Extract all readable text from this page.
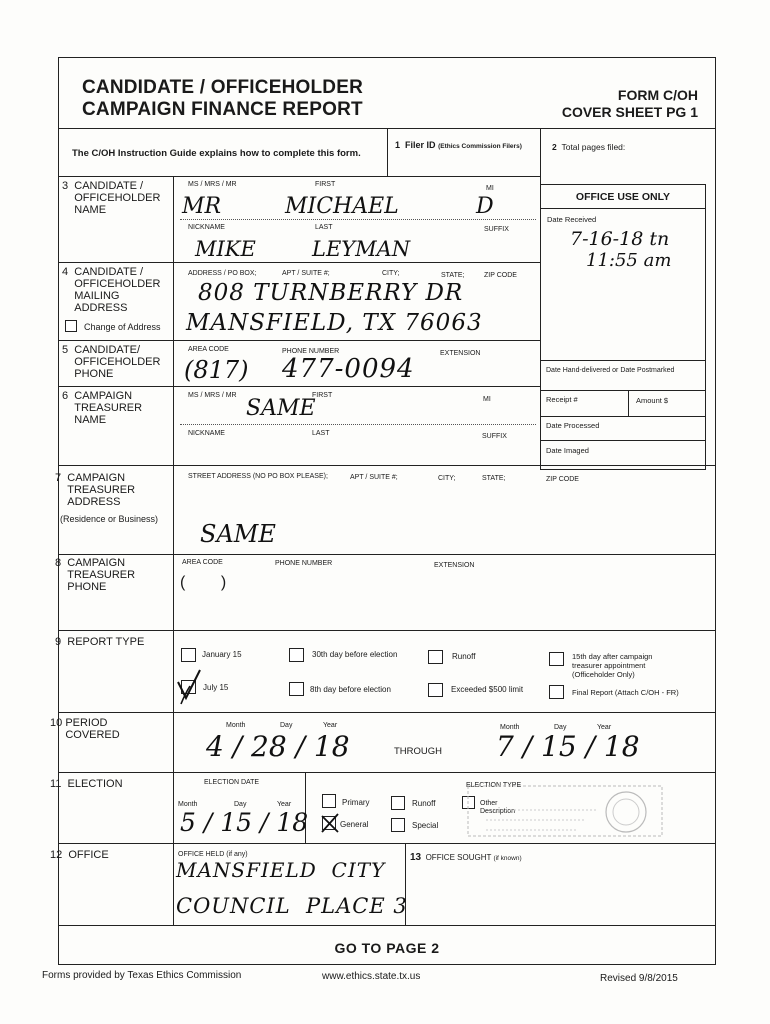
CANDIDATE / OFFICEHOLDER
CAMPAIGN FINANCE REPORT
FORM C/OH
COVER SHEET PG 1
The C/OH Instruction Guide explains how to complete this form.
1 Filer ID (Ethics Commission Filers)	2 Total pages filed:
OFFICE USE ONLY
Date Received
7-16-18 tn
11:55 am
Date Hand-delivered or Date Postmarked
Receipt #	Amount $
Date Processed
Date Imaged
3 CANDIDATE / OFFICEHOLDER NAME
MS / MRS / MR	FIRST
MI
MR	MICHAEL	D
NICKNAME	LAST	SUFFIX
MIKE	LEYMAN
4 CANDIDATE / OFFICEHOLDER MAILING ADDRESS
Change of Address
ADDRESS / PO BOX;	APT / SUITE #;	CITY;	STATE;	ZIP CODE
808 TURNBERRY DR
MANSFIELD, TX 76063
5 CANDIDATE/ OFFICEHOLDER PHONE
AREA CODE	PHONE NUMBER	EXTENSION
(817) 477-0094
6 CAMPAIGN TREASURER NAME
MS / MRS / MR	FIRST
MI
SAME
NICKNAME	LAST	SUFFIX
7 CAMPAIGN TREASURER ADDRESS
(Residence or Business)
STREET ADDRESS (NO PO BOX PLEASE);	APT / SUITE #;	CITY;	STATE;	ZIP CODE
SAME
8 CAMPAIGN TREASURER PHONE
AREA CODE	PHONE NUMBER	EXTENSION
(        )
9 REPORT TYPE
January 15
July 15
30th day before election
8th day before election
Runoff
Exceeded $500 limit
15th day after campaign treasurer appointment
(Officeholder Only)
Final Report (Attach C/OH - FR)
10 PERIOD COVERED
Month	Day	Year	Month	Day	Year
4 / 28 / 18	THROUGH 7 / 15 / 18
11 ELECTION	ELECTION DATE
Month	Day	Year
5 / 15 / 18
ELECTION TYPE
Primary
General
Runoff
Special
Other
Description
12 OFFICE	OFFICE HELD (if any)
MANSFIELD  CITY
COUNCIL  PLACE 3
13 OFFICE SOUGHT (if known)
GO TO PAGE 2
Forms provided by Texas Ethics Commission	www.ethics.state.tx.us	Revised 9/8/2015
